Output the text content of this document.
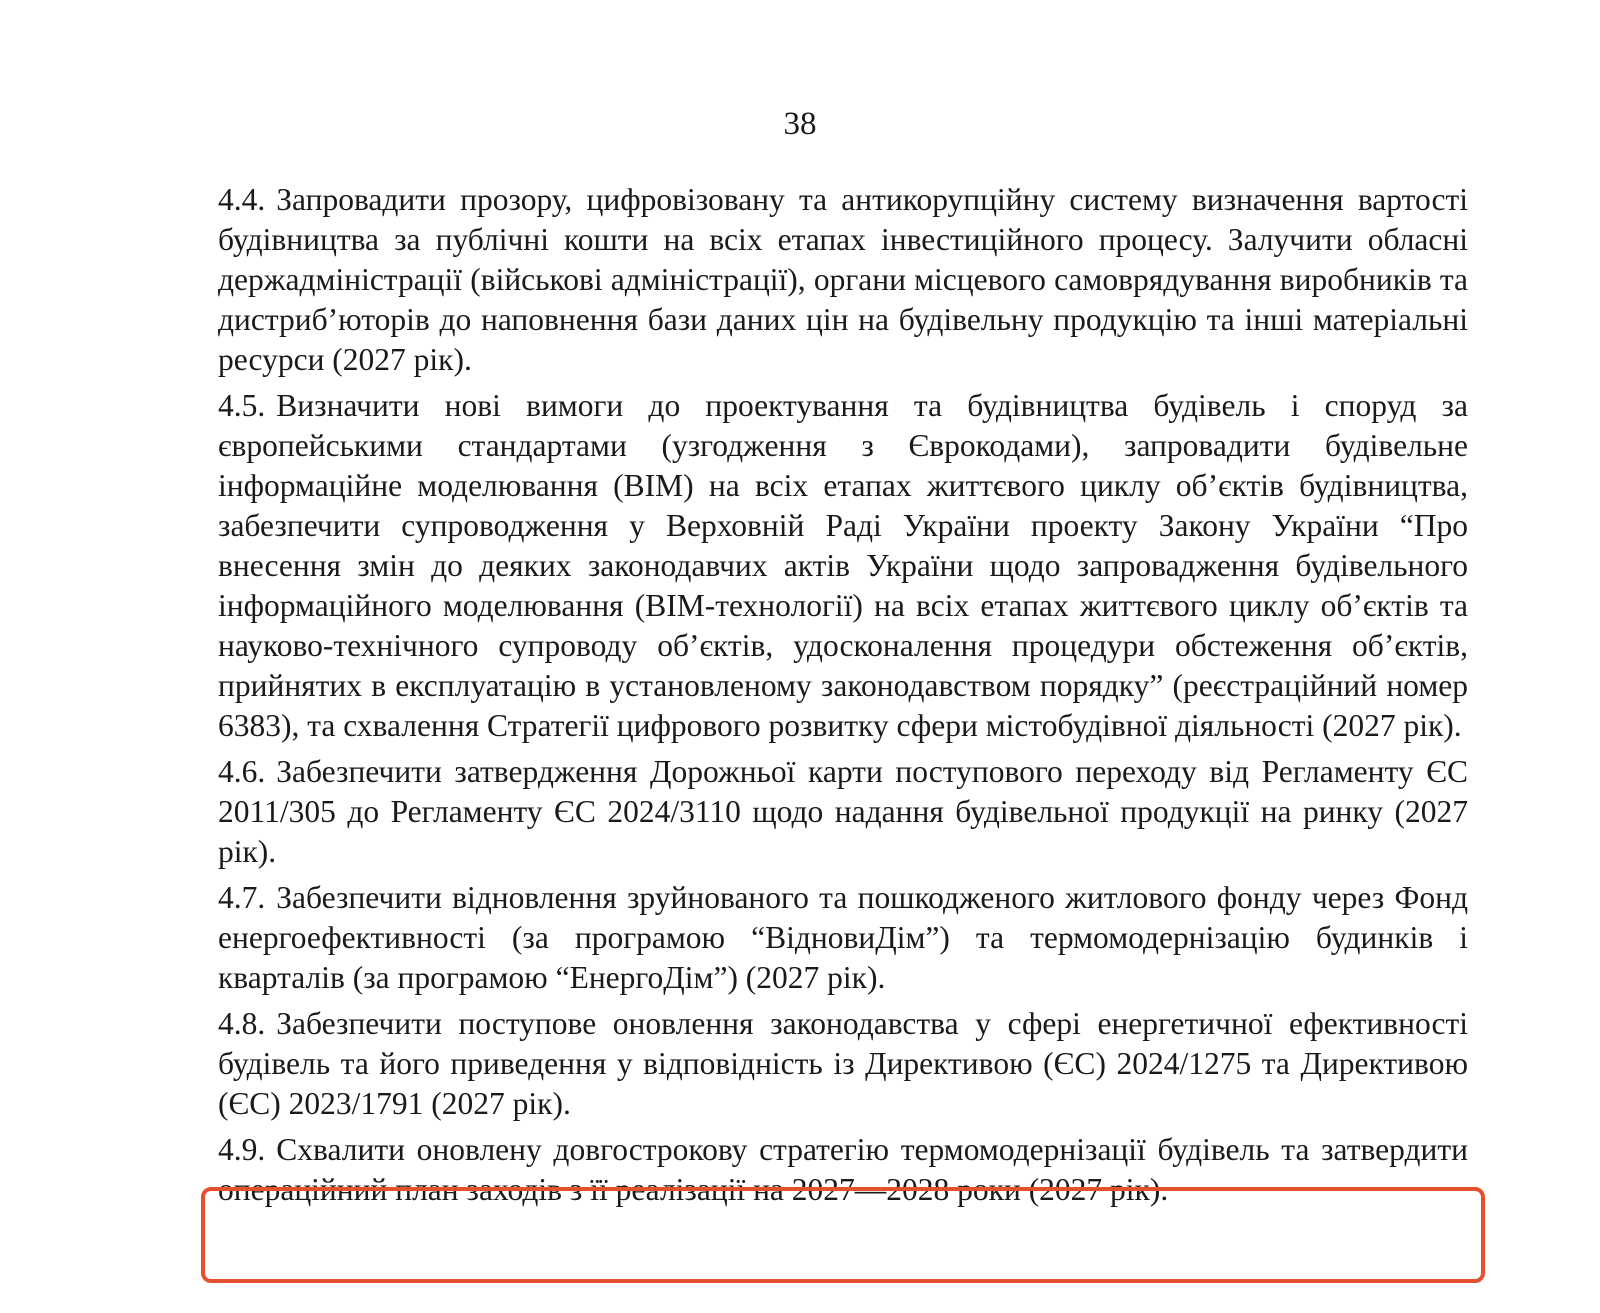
38

4.4. Запровадити прозору, цифровізовану та антикорупційну систему визначення вартості будівництва за публічні кошти на всіх етапах інвестиційного процесу. Залучити обласні держадміністрації (військові адміністрації), органи місцевого самоврядування виробників та дистриб’юторів до наповнення бази даних цін на будівельну продукцію та інші матеріальні ресурси (2027 рік).

4.5. Визначити нові вимоги до проектування та будівництва будівель і споруд за європейськими стандартами (узгодження з Єврокодами), запровадити будівельне інформаційне моделювання (BIM) на всіх етапах життєвого циклу об’єктів будівництва, забезпечити супроводження у Верховній Раді України проекту Закону України “Про внесення змін до деяких законодавчих актів України щодо запровадження будівельного інформаційного моделювання (BIM-технології) на всіх етапах життєвого циклу об’єктів та науково-технічного супроводу об’єктів, удосконалення процедури обстеження об’єктів, прийнятих в експлуатацію в установленому законодавством порядку” (реєстраційний номер 6383), та схвалення Стратегії цифрового розвитку сфери містобудівної діяльності (2027 рік).

4.6. Забезпечити затвердження Дорожньої карти поступового переходу від Регламенту ЄС 2011/305 до Регламенту ЄС 2024/3110 щодо надання будівельної продукції на ринку (2027 рік).

4.7. Забезпечити відновлення зруйнованого та пошкодженого житлового фонду через Фонд енергоефективності (за програмою “ВідновиДім”) та термомодернізацію будинків і кварталів (за програмою “ЕнергоДім”) (2027 рік).

4.8. Забезпечити поступове оновлення законодавства у сфері енергетичної ефективності будівель та його приведення у відповідність із Директивою (ЄС) 2024/1275 та Директивою (ЄС) 2023/1791 (2027 рік).

4.9. Схвалити оновлену довгострокову стратегію термомодернізації будівель та затвердити операційний план заходів з її реалізації на 2027—2028 роки (2027 рік).
